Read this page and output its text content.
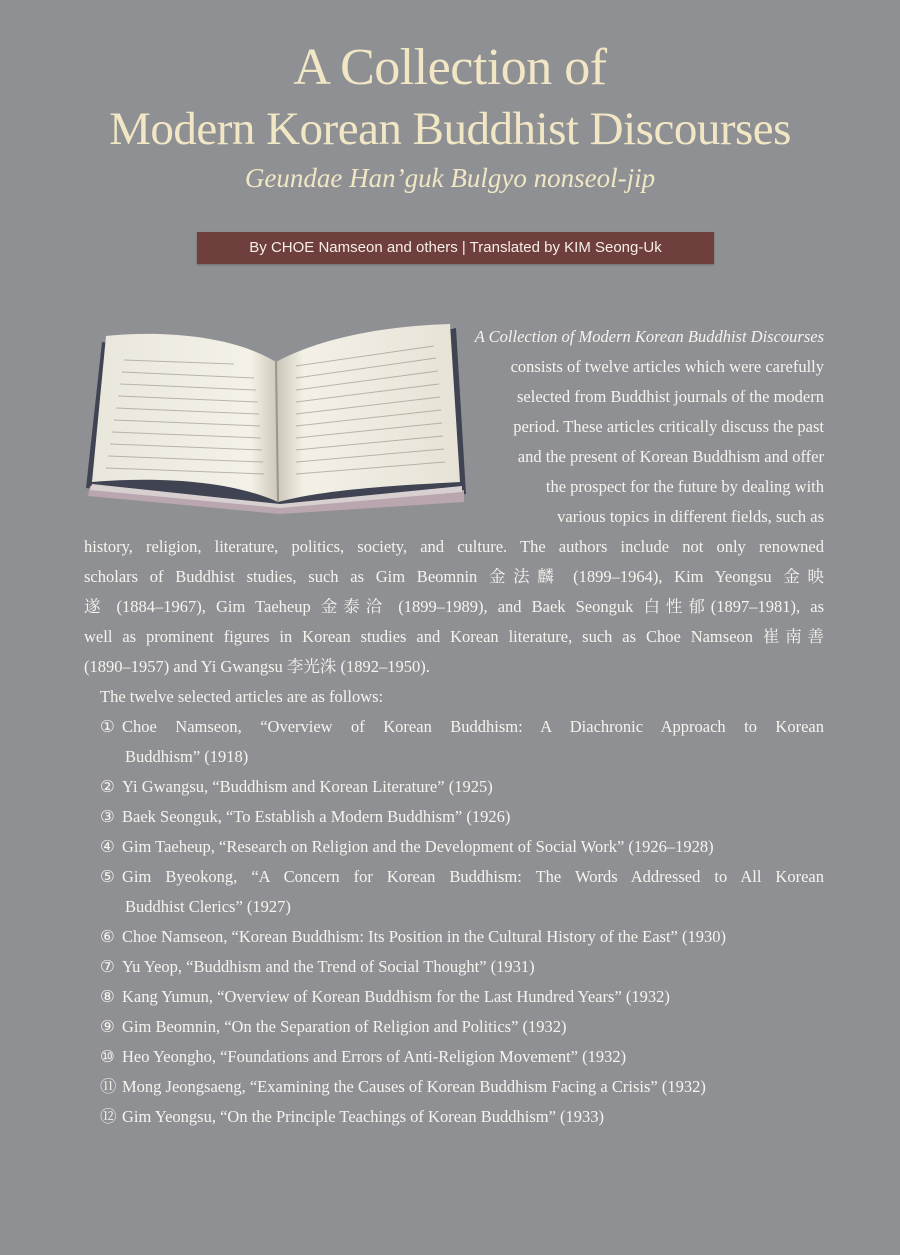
A Collection of
Modern Korean Buddhist Discourses
Geundae Han’guk Bulgyo nonseol-jip
By CHOE Namseon and others | Translated by KIM Seong-Uk
A Collection of Modern Korean Buddhist Discourses
consists of twelve articles which were carefully
selected from Buddhist journals of the modern
period. These articles critically discuss the past
and the present of Korean Buddhism and offer
the prospect for the future by dealing with
various topics in different fields, such as
history, religion, literature, politics, society, and culture. The authors include not only renowned
scholars of Buddhist studies, such as Gim Beomnin 金法麟 (1899–1964), Kim Yeongsu 金映
遂 (1884–1967), Gim Taeheup 金泰洽 (1899–1989), and Baek Seonguk 白性郁(1897–1981), as
well as prominent figures in Korean studies and Korean literature, such as Choe Namseon 崔南善
(1890–1957) and Yi Gwangsu 李光洙 (1892–1950).
The twelve selected articles are as follows:
① Choe Namseon, “Overview of Korean Buddhism: A Diachronic Approach to Korean
Buddhism” (1918)
② Yi Gwangsu, “Buddhism and Korean Literature” (1925)
③ Baek Seonguk, “To Establish a Modern Buddhism” (1926)
④ Gim Taeheup, “Research on Religion and the Development of Social Work” (1926–1928)
⑤ Gim Byeokong, “A Concern for Korean Buddhism: The Words Addressed to All Korean
Buddhist Clerics” (1927)
⑥ Choe Namseon, “Korean Buddhism: Its Position in the Cultural History of the East” (1930)
⑦ Yu Yeop, “Buddhism and the Trend of Social Thought” (1931)
⑧ Kang Yumun, “Overview of Korean Buddhism for the Last Hundred Years” (1932)
⑨ Gim Beomnin, “On the Separation of Religion and Politics” (1932)
⑩ Heo Yeongho, “Foundations and Errors of Anti-Religion Movement” (1932)
⑪ Mong Jeongsaeng, “Examining the Causes of Korean Buddhism Facing a Crisis” (1932)
⑫ Gim Yeongsu, “On the Principle Teachings of Korean Buddhism” (1933)
